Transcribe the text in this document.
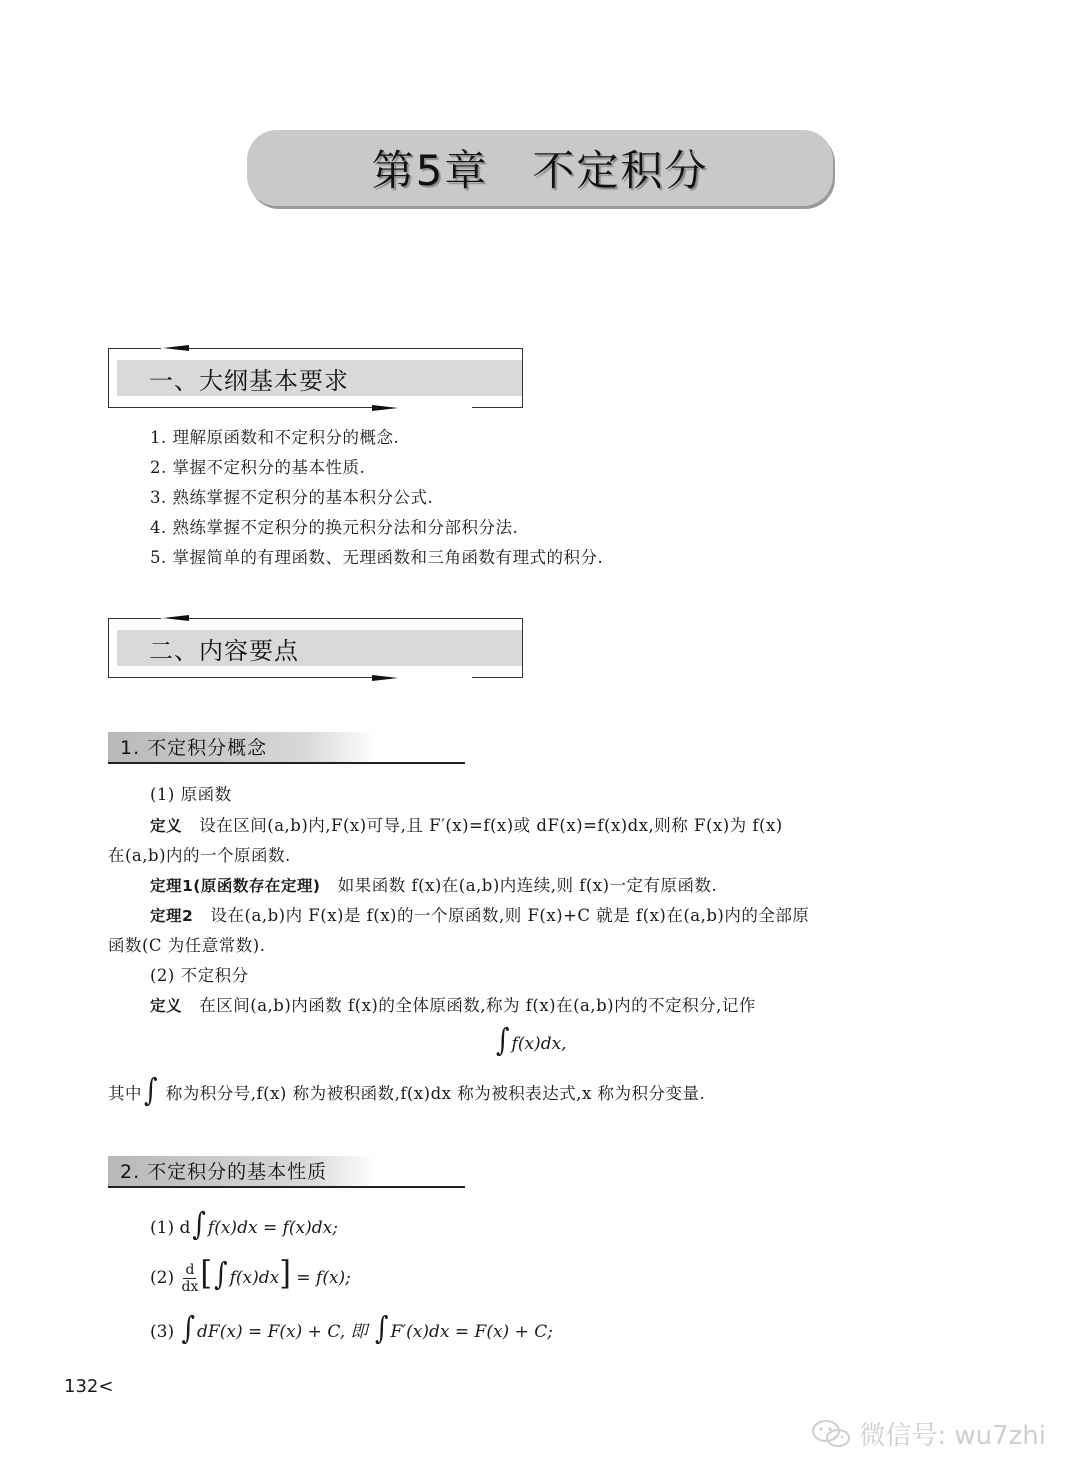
第5章　不定积分
一、大纲基本要求
1. 理解原函数和不定积分的概念.
2. 掌握不定积分的基本性质.
3. 熟练掌握不定积分的基本积分公式.
4. 熟练掌握不定积分的换元积分法和分部积分法.
5. 掌握简单的有理函数、无理函数和三角函数有理式的积分.
二、内容要点
1. 不定积分概念
(1) 原函数
定义 设在区间(a,b)内,F(x)可导,且 F′(x)=f(x)或 dF(x)=f(x)dx,则称 F(x)为 f(x)
在(a,b)内的一个原函数.
定理1(原函数存在定理) 如果函数 f(x)在(a,b)内连续,则 f(x)一定有原函数.
定理2 设在(a,b)内 F(x)是 f(x)的一个原函数,则 F(x)+C 就是 f(x)在(a,b)内的全部原
函数(C 为任意常数).
(2) 不定积分
定义 在区间(a,b)内函数 f(x)的全体原函数,称为 f(x)在(a,b)内的不定积分,记作
∫ f(x)dx,
其中∫ 称为积分号,f(x) 称为被积函数,f(x)dx 称为被积表达式,x 称为积分变量.
2. 不定积分的基本性质
(1) d∫ f(x)dx = f(x)dx;
$(2) \frac{d}{dx}$ [∫ f(x)dx] = f(x);
(3) ∫ dF(x) = F(x) + C, 即 ∫ F′(x)dx = F(x) + C;
132<
微信号: wu7zhi
